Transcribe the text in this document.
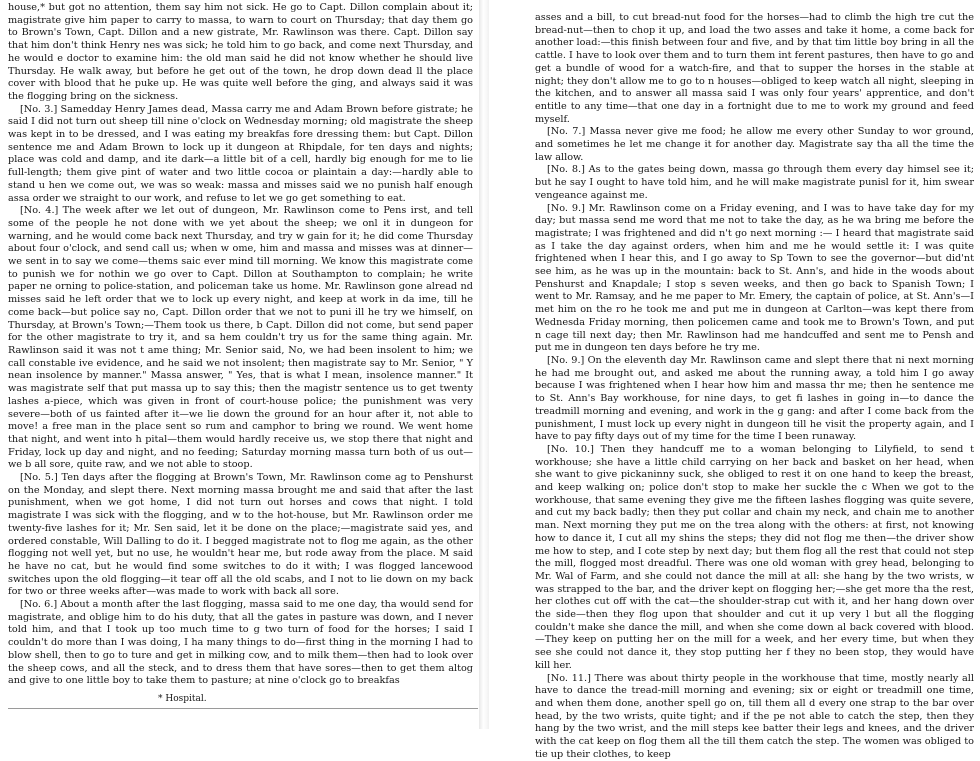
house,* but got no attention, them say him not sick. He go to Capt. Dillon complain about it; magistrate give him paper to carry to massa, to warn to court on Thursday; that day them go to Brown's Town, Capt. Dillon and a new gistrate, Mr. Rawlinson was there. Capt. Dillon say that him don't think Henry nes was sick; he told him to go back, and come next Thursday, and he would e doctor to examine him: the old man said he did not know whether he should live Thursday. He walk away, but before he get out of the town, he drop down dead ll the place cover with blood that he puke up. He was quite well before the ging, and always said it was the flogging bring on the sickness.

[No. 3.] Samedday Henry James dead, Massa carry me and Adam Brown before gistrate; he said I did not turn out sheep till nine o'clock on Wednesday morning; old magistrate the sheep was kept in to be dressed, and I was eating my breakfas fore dressing them: but Capt. Dillon sentence me and Adam Brown to lock up it dungeon at Rhipdale, for ten days and nights; place was cold and damp, and ite dark—a little bit of a cell, hardly big enough for me to lie full-length; them give pint of water and two little cocoa or plaintain a day:—hardly able to stand u hen we come out, we was so weak: massa and misses said we no punish half enough assa order we straight to our work, and refuse to let we go get something to eat.

[No. 4.] The week after we let out of dungeon, Mr. Rawlinson come to Pens irst, and tell some of the people he not done with we yet about the sheep; we onl it in dungeon for warning, and he would come back next Thursday, and try w gain for it; he did come Thursday about four o'clock, and send call us; when w ome, him and massa and misses was at dinner—we sent in to say we come—thems saic ever mind till morning. We know this magistrate come to punish we for nothin we go over to Capt. Dillon at Southampton to complain; he write paper ne orning to police-station, and policeman take us home. Mr. Rawlinson gone alread nd misses said he left order that we to lock up every night, and keep at work in da ime, till he come back—but police say no, Capt. Dillon order that we not to puni ill he try we himself, on Thursday, at Brown's Town;—Them took us there, b Capt. Dillon did not come, but send paper for the other magistrate to try it, and sa hem couldn't try us for the same thing again. Mr. Rawlinson said it was not t ame thing; Mr. Senior said, No, we had been insolent to him; we call constable ive evidence, and he said we not insolent; then magistrate say to Mr. Senior, " Y nean insolence by manner." Massa answer, " Yes, that is what I mean, insolence manner." It was magistrate self that put massa up to say this; then the magistr sentence us to get twenty lashes a-piece, which was given in front of court-house police; the punishment was very severe—both of us fainted after it—we lie down the ground for an hour after it, not able to move! a free man in the place sent so rum and camphor to bring we round. We went home that night, and went into h pital—them would hardly receive us, we stop there that night and Friday, lock up day and night, and no feeding; Saturday morning massa turn both of us out—we b all sore, quite raw, and we not able to stoop.

[No. 5.] Ten days after the flogging at Brown's Town, Mr. Rawlinson come ag to Penshurst on the Monday, and slept there. Next morning massa brought me and said that after the last punishment, when we got home, I did not turn out horses and cows that night. I told magistrate I was sick with the flogging, and w to the hot-house, but Mr. Rawlinson order me twenty-five lashes for it; Mr. Sen said, let it be done on the place;—magistrate said yes, and ordered constable, Will Dalling to do it. I begged magistrate not to flog me again, as the other flogging not well yet, but no use, he wouldn't hear me, but rode away from the place. M said he have no cat, but he would find some switches to do it with; I was flogged lancewood switches upon the old flogging—it tear off all the old scabs, and I not to lie down on my back for two or three weeks after—was made to work with back all sore.

[No. 6.] About a month after the last flogging, massa said to me one day, tha would send for magistrate, and oblige him to do his duty, that all the gates in pasture was down, and I never told him, and that I took up too much time to g two turn of food for the horses; I said I couldn't do more than I was doing, I ha many things to do—first thing in the morning I had to blow shell, then to go to ture and get in milking cow, and to milk them—then had to look over the sheep cows, and all the steck, and to dress them that have sores—then to get them altog and give to one little boy to take them to pasture; at nine o'clock go to breakfas

* Hospital.

asses and a bill, to cut bread-nut food for the horses—had to climb the high tre cut the bread-nut—then to chop it up, and load the two asses and take it home, a come back for another load:—this finish between four and five, and by that tim little boy bring in all the cattle. I have to look over them and to turn them int ferent pastures, then have to go and get a bundle of wood for a watch-fire, and that to supper the horses in the stable at night; they don't allow me to go to n houses—obliged to keep watch all night, sleeping in the kitchen, and to answer all massa said I was only four years' apprentice, and don't entitle to any time—that one day in a fortnight due to me to work my ground and feed myself.

[No. 7.] Massa never give me food; he allow me every other Sunday to wor ground, and sometimes he let me change it for another day. Magistrate say tha all the time the law allow.

[No. 8.] As to the gates being down, massa go through them every day himsel see it; but he say I ought to have told him, and he will make magistrate punisl for it, him swear vengeance against me.

[No. 9.] Mr. Rawlinson come on a Friday evening, and I was to have take day for my day; but massa send me word that me not to take the day, as he wa bring me before the magistrate; I was frightened and did n't go next morning :— I heard that magistrate said as I take the day against orders, when him and me he would settle it: I was quite frightened when I hear this, and I go away to Sp Town to see the governor—but did'nt see him, as he was up in the mountain: back to St. Ann's, and hide in the woods about Penshurst and Knapdale; I stop s seven weeks, and then go back to Spanish Town; I went to Mr. Ramsay, and he me paper to Mr. Emery, the captain of police, at St. Ann's—I met him on the ro he took me and put me in dungeon at Carlton—was kept there from Wednesda Friday morning, then policemen came and took me to Brown's Town, and put n cage till next day; then Mr. Rawlinson had me handcuffed and sent me to Pensh and put me in dungeon ten days before he try me.

[No. 9.] On the eleventh day Mr. Rawlinson came and slept there that ni next morning he had me brought out, and asked me about the running away, a told him I go away because I was frightened when I hear how him and massa thr me; then he sentence me to St. Ann's Bay workhouse, for nine days, to get fi lashes in going in—to dance the treadmill morning and evening, and work in the g gang: and after I come back from the punishment, I must lock up every night in dungeon till he visit the property again, and I have to pay fifty days out of my time for the time I been runaway.

[No. 10.] Then they handcuff me to a woman belonging to Lilyfield, to send t workhouse; she have a little child carrying on her back and basket on her head, when she want to give pickaninny suck, she obliged to rest it on one hand to keep the breast, and keep walking on; police don't stop to make her suckle the c When we got to the workhouse, that same evening they give me the fifteen lashes flogging was quite severe, and cut my back badly; then they put collar and chain my neck, and chain me to another man. Next morning they put me on the trea along with the others: at first, not knowing how to dance it, I cut all my shins the steps; they did not flog me then—the driver show me how to step, and I cote step by next day; but them flog all the rest that could not step the mill, flogged most dreadful. There was one old woman with grey head, belonging to Mr. Wal of Farm, and she could not dance the mill at all: she hang by the two wrists, w was strapped to the bar, and the driver kept on flogging her;—she get more tha the rest, her clothes cut off with the cat—the shoulder-strap cut with it, and her hang down over the side—then they flog upon that shoulder and cut it up very l but all the flogging couldn't make she dance the mill, and when she come down al back covered with blood.—They keep on putting her on the mill for a week, and her every time, but when they see she could not dance it, they stop putting her f they no been stop, they would have kill her.

[No. 11.] There was about thirty people in the workhouse that time, mostly nearly all have to dance the tread-mill morning and evening; six or eight or treadmill one time, and when them done, another spell go on, till them all d every one strap to the bar over head, by the two wrists, quite tight; and if the pe not able to catch the step, then they hang by the two wrist, and the mill steps kee batter their legs and knees, and the driver with the cat keep on flog them all the till them catch the step. The women was obliged to tie up their clothes, to keep
